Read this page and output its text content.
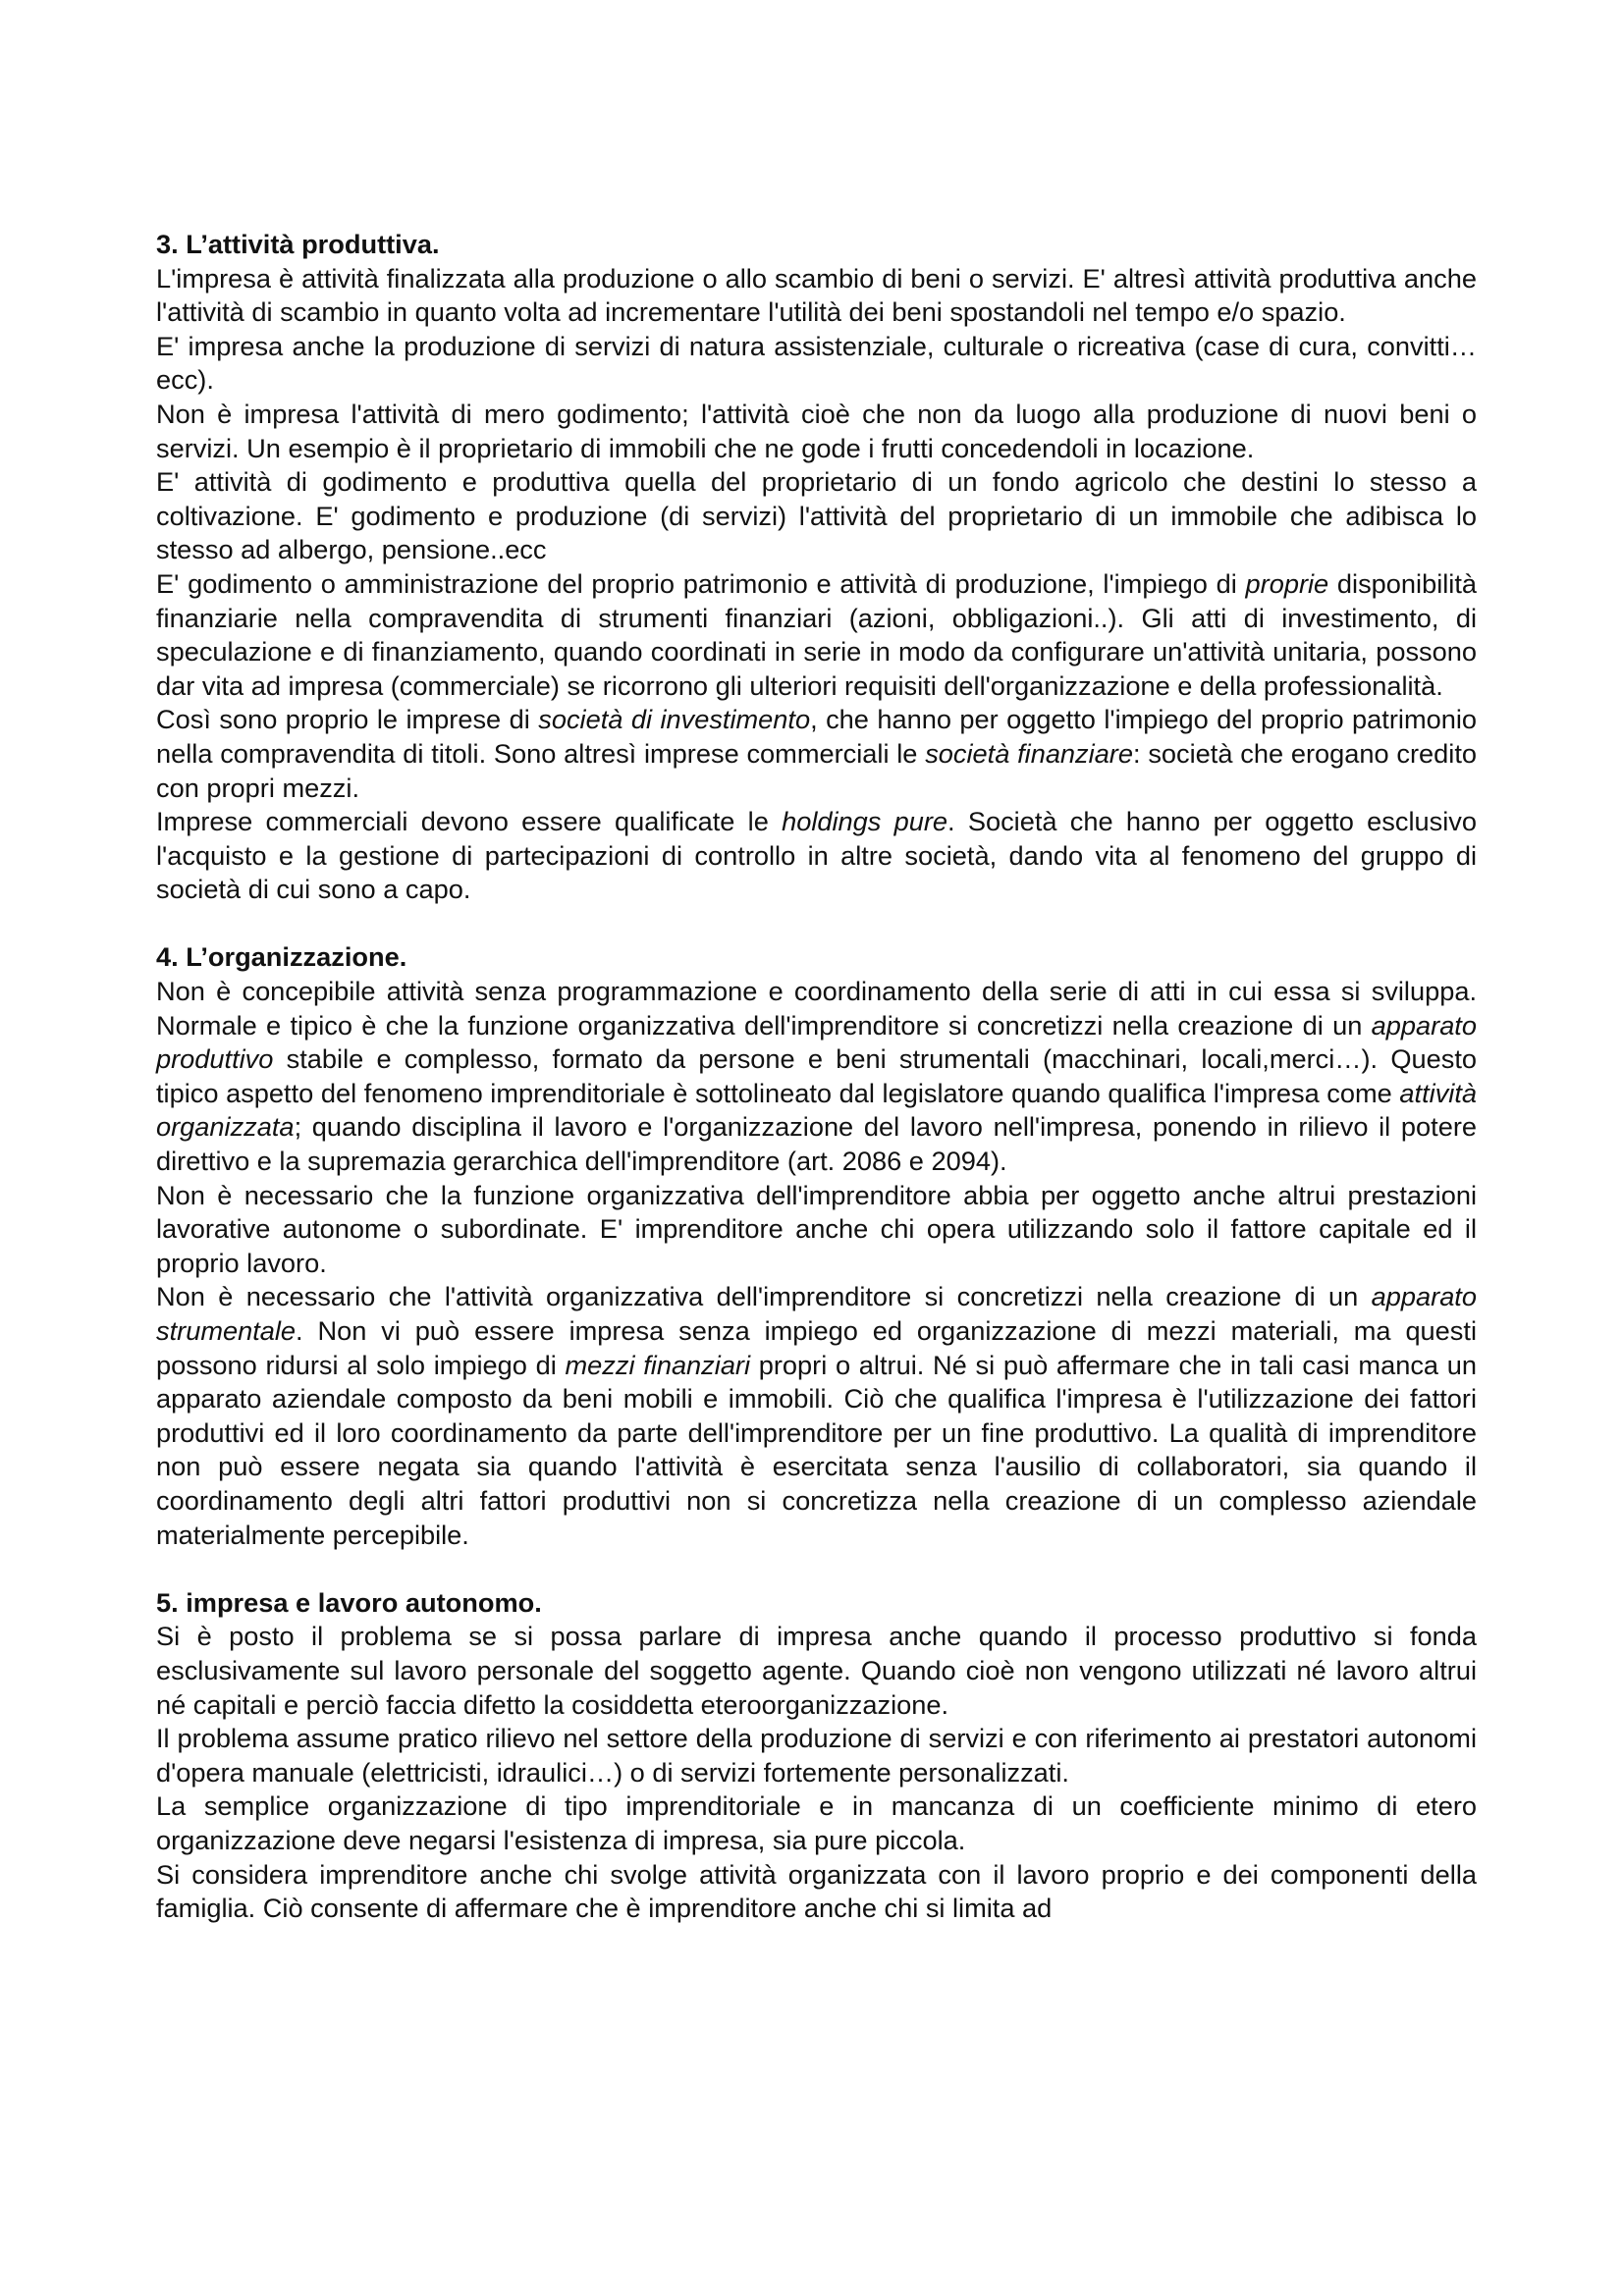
3. L’attività produttiva.

L'impresa è attività finalizzata alla produzione o allo scambio di beni o servizi. E' altresì attività produttiva anche l'attività di scambio in quanto volta ad incrementare l'utilità dei beni spostandoli nel tempo e/o spazio.

E' impresa anche la produzione di servizi di natura assistenziale, culturale o ricreativa (case di cura, convitti… ecc).

Non è impresa l'attività di mero godimento; l'attività cioè che non da luogo alla produzione di nuovi beni o servizi. Un esempio è il proprietario di immobili che ne gode i frutti concedendoli in locazione.

E' attività di godimento e produttiva quella del proprietario di un fondo agricolo che destini lo stesso a coltivazione. E' godimento e produzione (di servizi) l'attività del proprietario di un immobile che adibisca lo stesso ad albergo, pensione..ecc

E' godimento o amministrazione del proprio patrimonio e attività di produzione, l'impiego di proprie disponibilità finanziarie nella compravendita di strumenti finanziari (azioni, obbligazioni..). Gli atti di investimento, di speculazione e di finanziamento, quando coordinati in serie in modo da configurare un'attività unitaria, possono dar vita ad impresa (commerciale) se ricorrono gli ulteriori requisiti dell'organizzazione e della professionalità.

Così sono proprio le imprese di società di investimento, che hanno per oggetto l'impiego del proprio patrimonio nella compravendita di titoli. Sono altresì imprese commerciali le società finanziare: società che erogano credito con propri mezzi.

Imprese commerciali devono essere qualificate le holdings pure. Società che hanno per oggetto esclusivo l'acquisto e la gestione di partecipazioni di controllo in altre società, dando vita al fenomeno del gruppo di società di cui sono a capo.

4. L’organizzazione.

Non è concepibile attività senza programmazione e coordinamento della serie di atti in cui essa si sviluppa. Normale e tipico è che la funzione organizzativa dell'imprenditore si concretizzi nella creazione di un apparato produttivo stabile e complesso, formato da persone e beni strumentali (macchinari, locali,merci…). Questo tipico aspetto del fenomeno imprenditoriale è sottolineato dal legislatore quando qualifica l'impresa come attività organizzata; quando disciplina il lavoro e l'organizzazione del lavoro nell'impresa, ponendo in rilievo il potere direttivo e la supremazia gerarchica dell'imprenditore (art. 2086 e 2094).

Non è necessario che la funzione organizzativa dell'imprenditore abbia per oggetto anche altrui prestazioni lavorative autonome o subordinate. E' imprenditore anche chi opera utilizzando solo il fattore capitale ed il proprio lavoro.

Non è necessario che l'attività organizzativa dell'imprenditore si concretizzi nella creazione di un apparato strumentale. Non vi può essere impresa senza impiego ed organizzazione di mezzi materiali, ma questi possono ridursi al solo impiego di mezzi finanziari propri o altrui. Né si può affermare che in tali casi manca un apparato aziendale composto da beni mobili e immobili. Ciò che qualifica l'impresa è l'utilizzazione dei fattori produttivi ed il loro coordinamento da parte dell'imprenditore per un fine produttivo. La qualità di imprenditore non può essere negata sia quando l'attività è esercitata senza l'ausilio di collaboratori, sia quando il coordinamento degli altri fattori produttivi non si concretizza nella creazione di un complesso aziendale materialmente percepibile.

5. impresa e lavoro autonomo.

Si è posto il problema se si possa parlare di impresa anche quando il processo produttivo si fonda esclusivamente sul lavoro personale del soggetto agente. Quando cioè non vengono utilizzati né lavoro altrui né capitali e perciò faccia difetto la cosiddetta eteroorganizzazione.

Il problema assume pratico rilievo nel settore della produzione di servizi e con riferimento ai prestatori autonomi d'opera manuale (elettricisti, idraulici…) o di servizi fortemente personalizzati.

La semplice organizzazione di tipo imprenditoriale e in mancanza di un coefficiente minimo di etero organizzazione deve negarsi l'esistenza di impresa, sia pure piccola.

Si considera imprenditore anche chi svolge attività organizzata con il lavoro proprio e dei componenti della famiglia. Ciò consente di affermare che è imprenditore anche chi si limita ad
